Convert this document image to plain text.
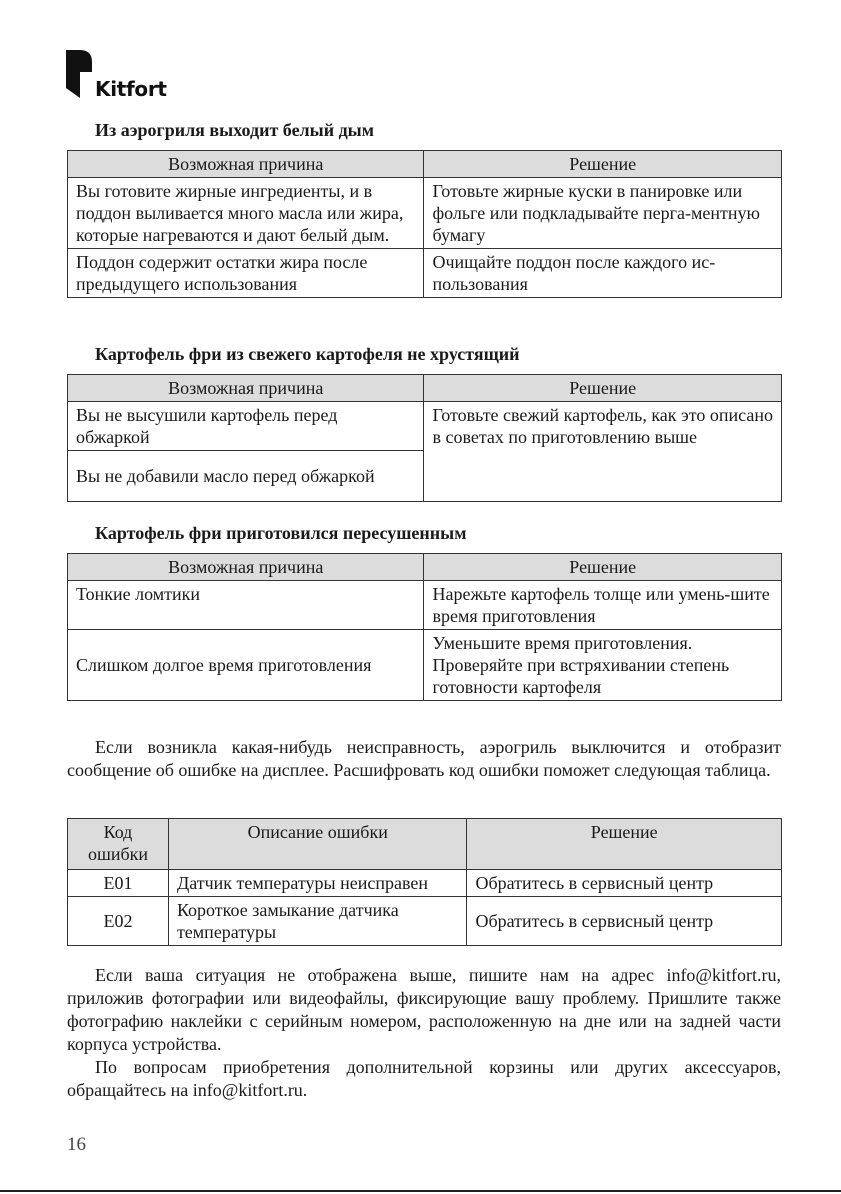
Kitfort
Из аэрогриля выходит белый дым
Возможная причина	Решение
Вы готовите жирные ингредиенты, и в поддон выливается много масла или жира, которые нагреваются и дают белый дым.	Готовьте жирные куски в панировке или фольге или подкладывайте перга-ментную бумагу
Поддон содержит остатки жира после предыдущего использования	Очищайте поддон после каждого ис-пользования
Картофель фри из свежего картофеля не хрустящий
Возможная причина	Решение
Вы не высушили картофель перед обжаркой	Готовьте свежий картофель, как это описано в советах по приготовлению выше
Вы не добавили масло перед обжаркой	
Картофель фри приготовился пересушенным
Возможная причина	Решение
Тонкие ломтики	Нарежьте картофель толще или умень-шите время приготовления
Слишком долгое время приготовления	Уменьшите время приготовления. Проверяйте при встряхивании степень готовности картофеля

Если возникла какая-нибудь неисправность, аэрогриль выключится и отобразит сообщение об ошибке на дисплее. Расшифровать код ошибки поможет следующая таблица.

Код ошибки	Описание ошибки	Решение
E01	Датчик температуры неисправен	Обратитесь в сервисный центр
E02	Короткое замыкание датчика температуры	Обратитесь в сервисный центр

Если ваша ситуация не отображена выше, пишите нам на адрес info@kitfort.ru, приложив фотографии или видеофайлы, фиксирующие вашу проблему. Пришлите также фотографию наклейки с серийным номером, расположенную на дне или на задней части корпуса устройства.

По вопросам приобретения дополнительной корзины или других аксессуаров, обращайтесь на info@kitfort.ru.

16
